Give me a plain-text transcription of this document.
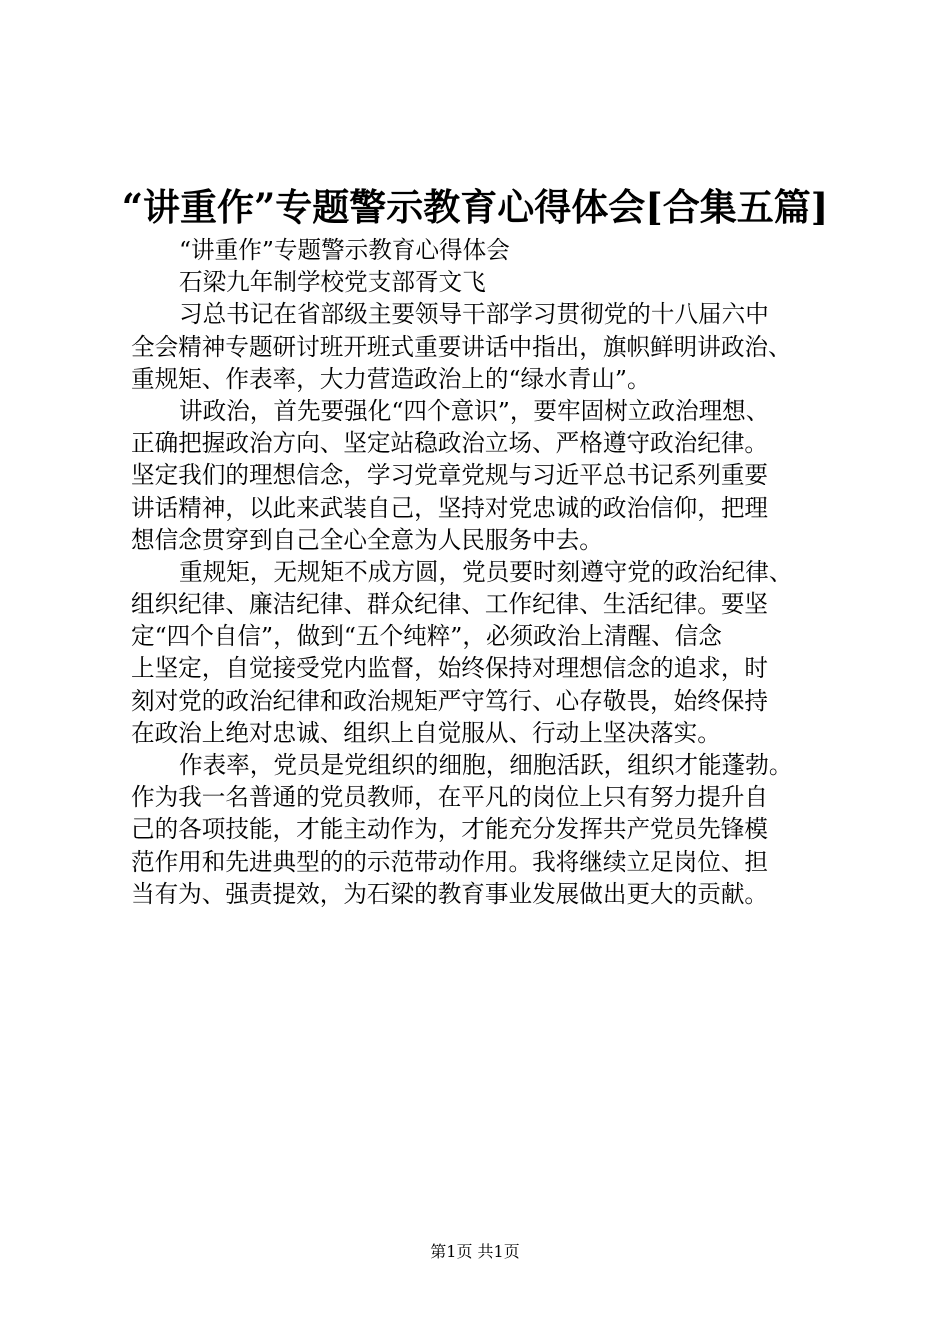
“讲重作”专题警示教育心得体会[合集五篇]
“讲重作”专题警示教育心得体会
石梁九年制学校党支部胥文飞
习总书记在省部级主要领导干部学习贯彻党的十八届六中
全会精神专题研讨班开班式重要讲话中指出，旗帜鲜明讲政治、
重规矩、作表率，大力营造政治上的“绿水青山”。
讲政治，首先要强化“四个意识”，要牢固树立政治理想、
正确把握政治方向、坚定站稳政治立场、严格遵守政治纪律。
坚定我们的理想信念，学习党章党规与习近平总书记系列重要
讲话精神，以此来武装自己，坚持对党忠诚的政治信仰，把理
想信念贯穿到自己全心全意为人民服务中去。
重规矩，无规矩不成方圆，党员要时刻遵守党的政治纪律、
组织纪律、廉洁纪律、群众纪律、工作纪律、生活纪律。要坚
定“四个自信”，做到“五个纯粹”，必须政治上清醒、信念
上坚定，自觉接受党内监督，始终保持对理想信念的追求，时
刻对党的政治纪律和政治规矩严守笃行、心存敬畏，始终保持
在政治上绝对忠诚、组织上自觉服从、行动上坚决落实。
作表率，党员是党组织的细胞，细胞活跃，组织才能蓬勃。
作为我一名普通的党员教师，在平凡的岗位上只有努力提升自
己的各项技能，才能主动作为，才能充分发挥共产党员先锋模
范作用和先进典型的的示范带动作用。我将继续立足岗位、担
当有为、强责提效，为石梁的教育事业发展做出更大的贡献。
第1页 共1页
